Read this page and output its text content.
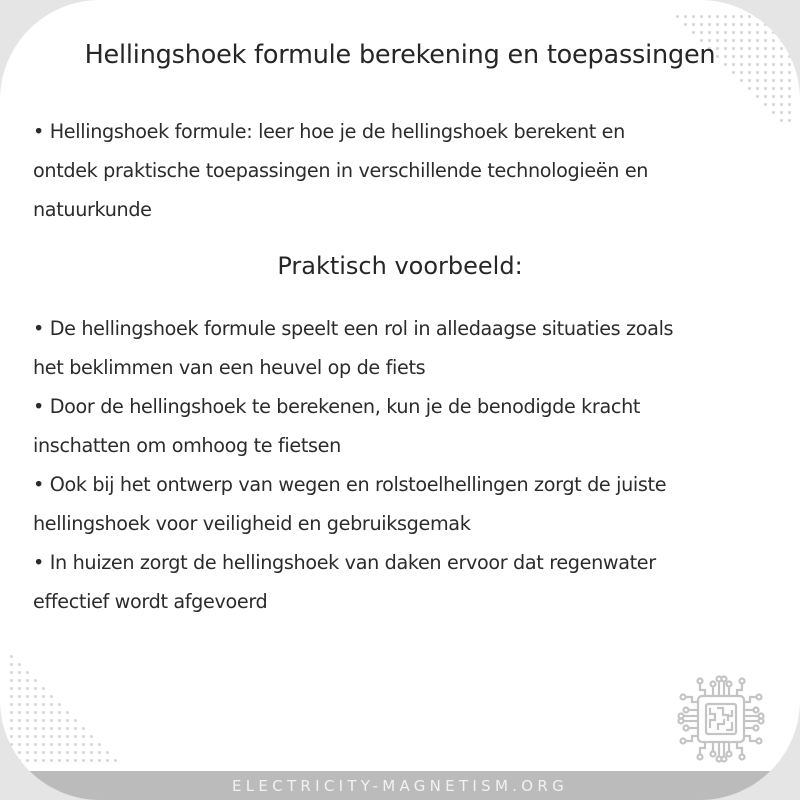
Hellingshoek formule berekening en toepassingen

• Hellingshoek formule: leer hoe je de hellingshoek berekent en
ontdek praktische toepassingen in verschillende technologieën en
natuurkunde

Praktisch voorbeeld:

• De hellingshoek formule speelt een rol in alledaagse situaties zoals
het beklimmen van een heuvel op de fiets
• Door de hellingshoek te berekenen, kun je de benodigde kracht
inschatten om omhoog te fietsen
• Ook bij het ontwerp van wegen en rolstoelhellingen zorgt de juiste
hellingshoek voor veiligheid en gebruiksgemak
• In huizen zorgt de hellingshoek van daken ervoor dat regenwater
effectief wordt afgevoerd

ELECTRICITY-MAGNETISM.ORG
